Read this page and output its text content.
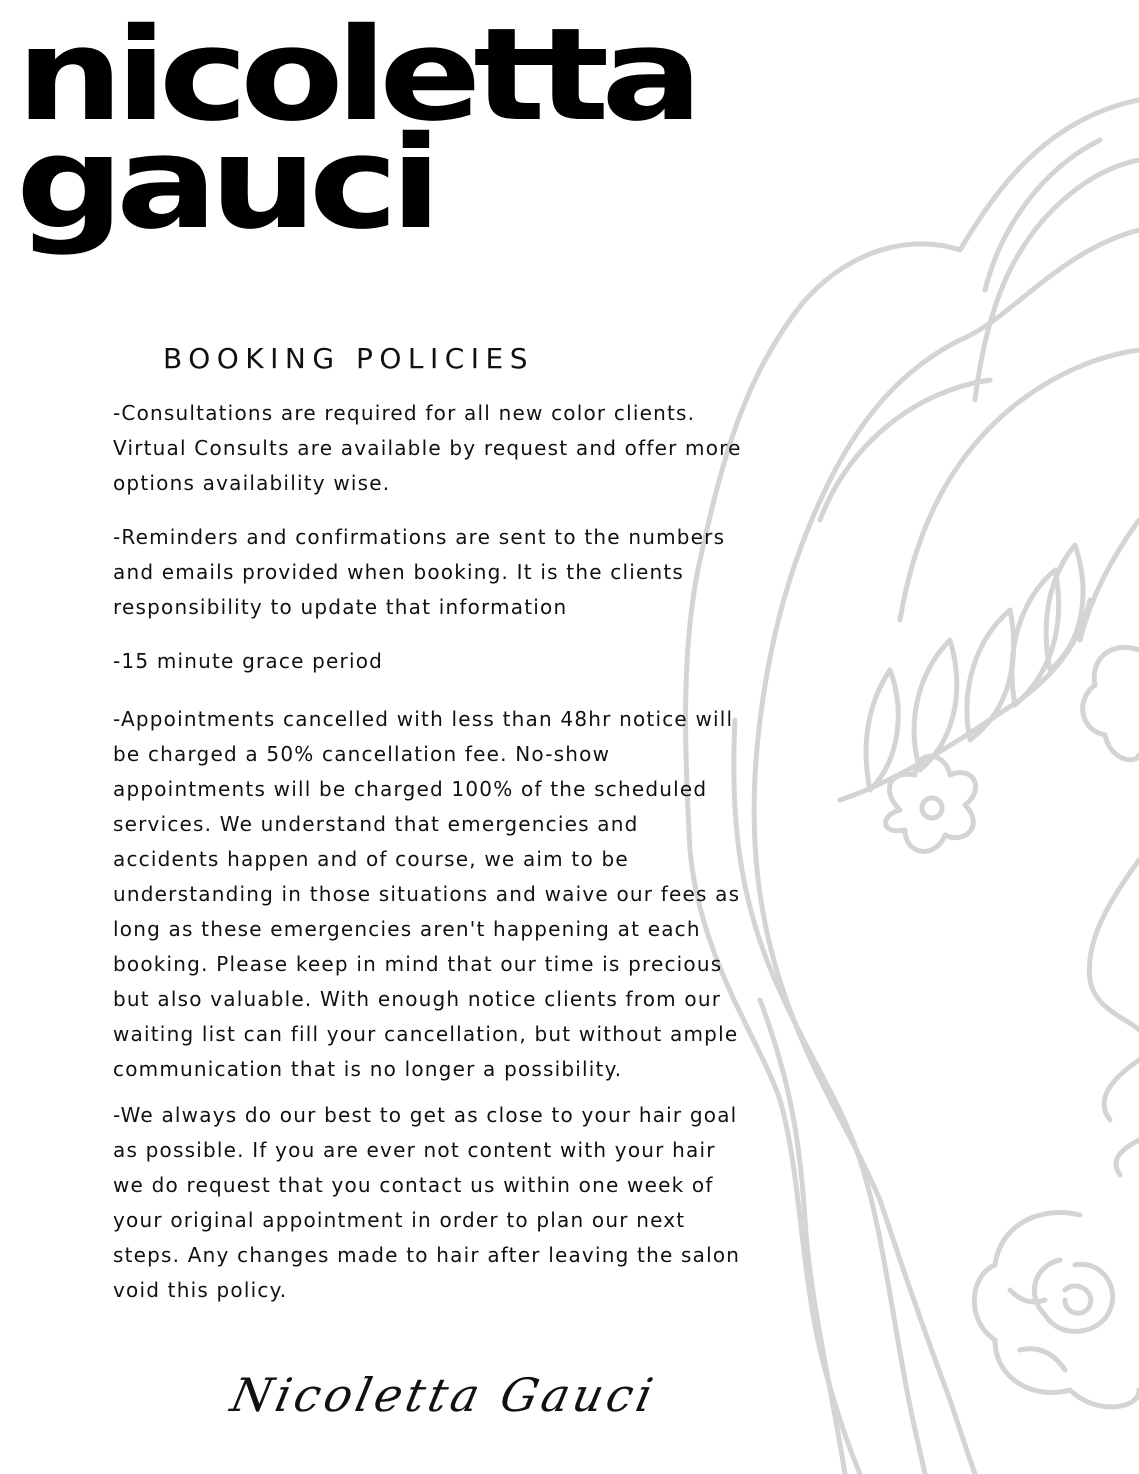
nicoletta
gauci
BOOKING POLICIES

-Consultations are required for all new color clients. Virtual Consults are available by request and offer more options availability wise.

-Reminders and confirmations are sent to the numbers and emails provided when booking. It is the clients responsibility to update that information

-15 minute grace period

-Appointments cancelled with less than 48hr notice will be charged a 50% cancellation fee. No-show appointments will be charged 100% of the scheduled services. We understand that emergencies and accidents happen and of course, we aim to be understanding in those situations and waive our fees as long as these emergencies aren't happening at each booking. Please keep in mind that our time is precious but also valuable. With enough notice clients from our waiting list can fill your cancellation, but without ample communication that is no longer a possibility.

-We always do our best to get as close to your hair goal as possible. If you are ever not content with your hair we do request that you contact us within one week of your original appointment in order to plan our next steps. Any changes made to hair after leaving the salon void this policy.

Nicoletta Gauci
